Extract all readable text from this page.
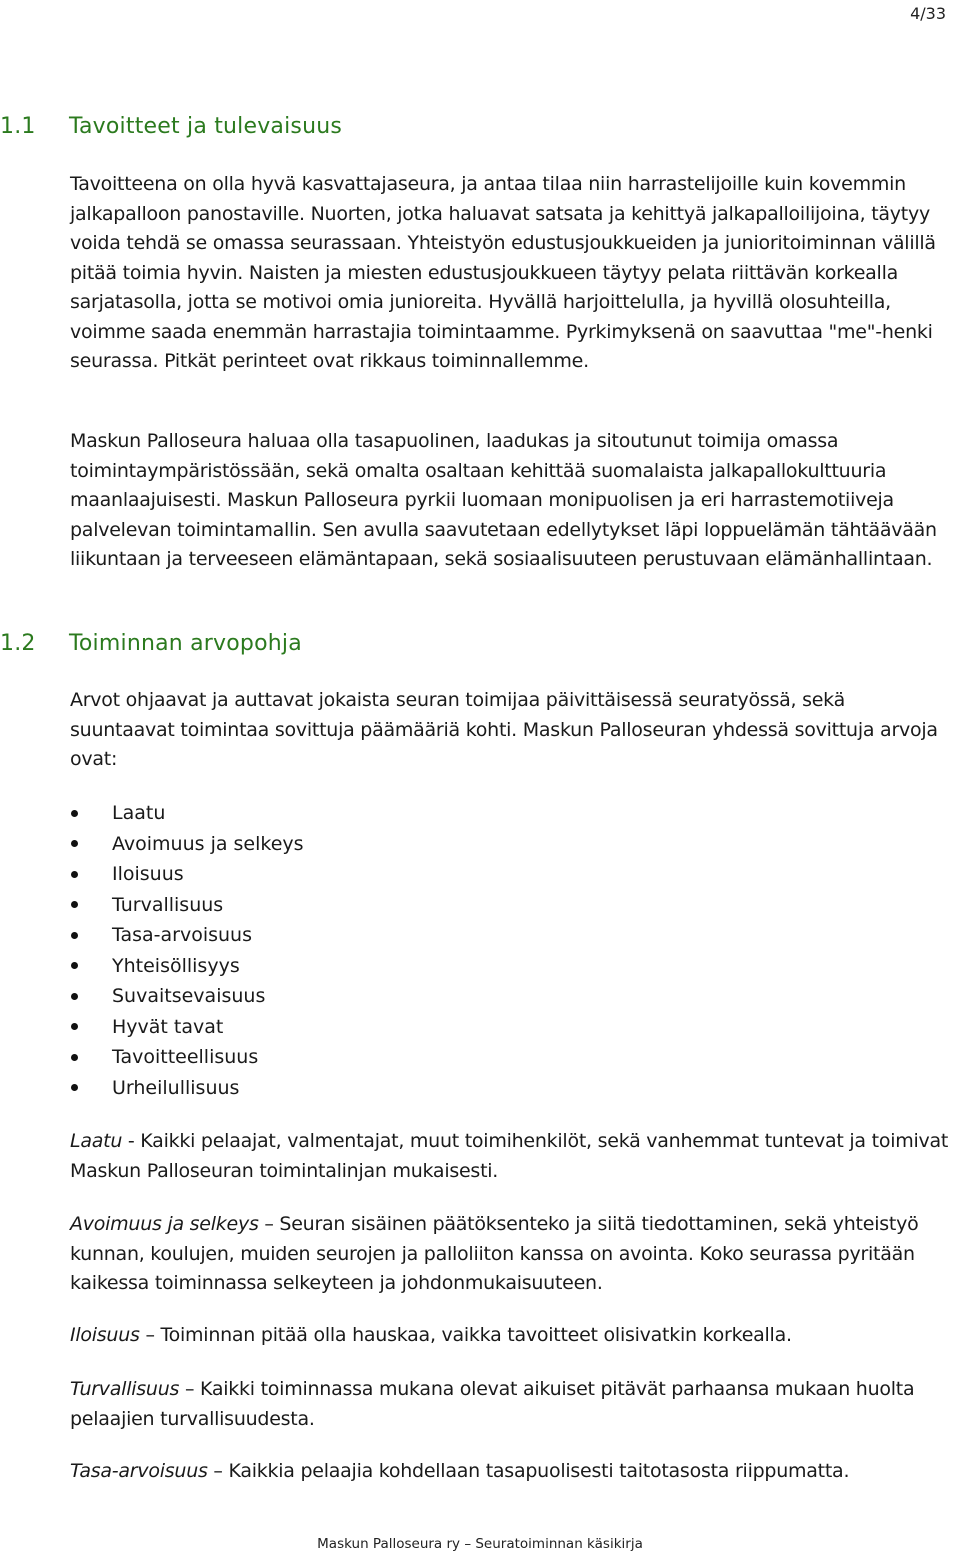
4/33
1.1	Tavoitteet ja tulevaisuus

Tavoitteena on olla hyvä kasvattajaseura, ja antaa tilaa niin harrastelijoille kuin kovemmin jalkapalloon panostaville. Nuorten, jotka haluavat satsata ja kehittyä jalkapalloilijoina, täytyy voida tehdä se omassa seurassaan. Yhteistyön edustusjoukkueiden ja junioritoiminnan välillä pitää toimia hyvin. Naisten ja miesten edustusjoukkueen täytyy pelata riittävän korkealla sarjatasolla, jotta se motivoi omia junioreita. Hyvällä harjoittelulla, ja hyvillä olosuhteilla, voimme saada enemmän harrastajia toimintaamme. Pyrkimyksenä on saavuttaa "me"-henki seurassa. Pitkät perinteet ovat rikkaus toiminnallemme.

Maskun Palloseura haluaa olla tasapuolinen, laadukas ja sitoutunut toimija omassa toimintaympäristössään, sekä omalta osaltaan kehittää suomalaista jalkapallokulttuuria maanlaajuisesti. Maskun Palloseura pyrkii luomaan monipuolisen ja eri harrastemotiiveja palvelevan toimintamallin. Sen avulla saavutetaan edellytykset läpi loppuelämän tähtäävään liikuntaan ja terveeseen elämäntapaan, sekä sosiaalisuuteen perustuvaan elämänhallintaan.

1.2	Toiminnan arvopohja

Arvot ohjaavat ja auttavat jokaista seuran toimijaa päivittäisessä seuratyössä, sekä suuntaavat toimintaa sovittuja päämääriä kohti. Maskun Palloseuran yhdessä sovittuja arvoja ovat:

Laatu
Avoimuus ja selkeys
Iloisuus
Turvallisuus
Tasa-arvoisuus
Yhteisöllisyys
Suvaitsevaisuus
Hyvät tavat
Tavoitteellisuus
Urheilullisuus

Laatu - Kaikki pelaajat, valmentajat, muut toimihenkilöt, sekä vanhemmat tuntevat ja toimivat Maskun Palloseuran toimintalinjan mukaisesti.

Avoimuus ja selkeys – Seuran sisäinen päätöksenteko ja siitä tiedottaminen, sekä yhteistyö kunnan, koulujen, muiden seurojen ja palloliiton kanssa on avointa. Koko seurassa pyritään kaikessa toiminnassa selkeyteen ja johdonmukaisuuteen.

Iloisuus – Toiminnan pitää olla hauskaa, vaikka tavoitteet olisivatkin korkealla.

Turvallisuus – Kaikki toiminnassa mukana olevat aikuiset pitävät parhaansa mukaan huolta pelaajien turvallisuudesta.

Tasa-arvoisuus – Kaikkia pelaajia kohdellaan tasapuolisesti taitotasosta riippumatta.

Maskun Palloseura ry – Seuratoiminnan käsikirja
